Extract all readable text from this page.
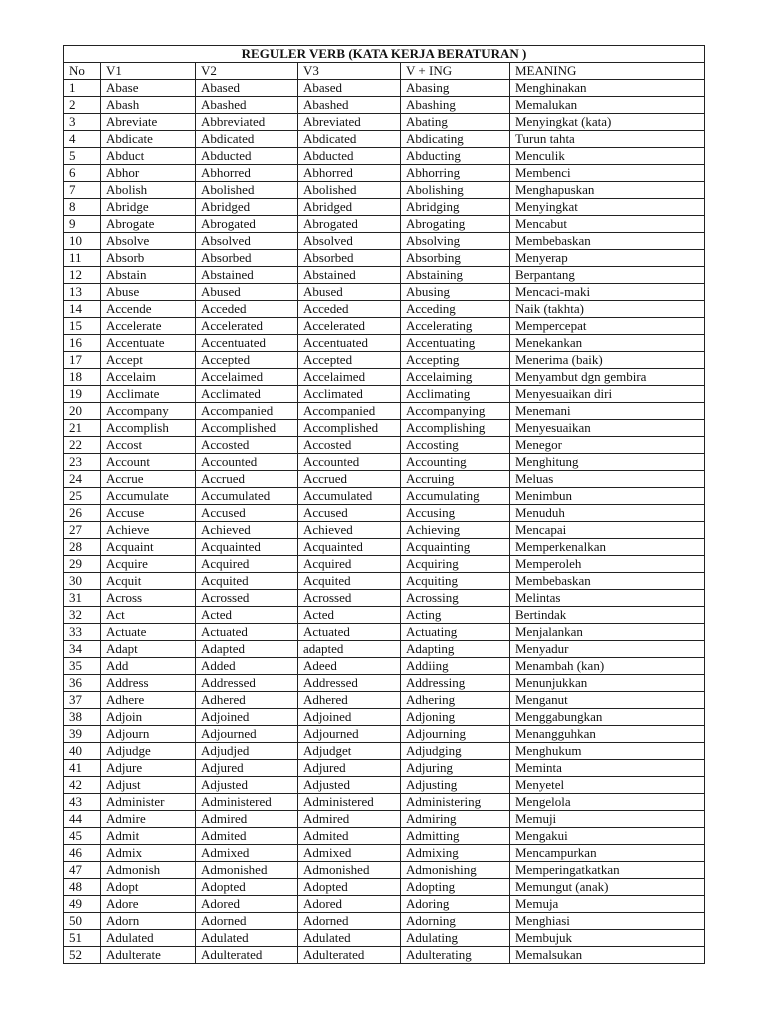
REGULER VERB (KATA KERJA BERATURAN )					
No	V1	V2	V3	V + ING	MEANING
1	Abase	Abased	Abased	Abasing	Menghinakan
2	Abash	Abashed	Abashed	Abashing	Memalukan
3	Abreviate	Abbreviated	Abreviated	Abating	Menyingkat (kata)
4	Abdicate	Abdicated	Abdicated	Abdicating	Turun tahta
5	Abduct	Abducted	Abducted	Abducting	Menculik
6	Abhor	Abhorred	Abhorred	Abhorring	Membenci
7	Abolish	Abolished	Abolished	Abolishing	Menghapuskan
8	Abridge	Abridged	Abridged	Abridging	Menyingkat
9	Abrogate	Abrogated	Abrogated	Abrogating	Mencabut
10	Absolve	Absolved	Absolved	Absolving	Membebaskan
11	Absorb	Absorbed	Absorbed	Absorbing	Menyerap
12	Abstain	Abstained	Abstained	Abstaining	Berpantang
13	Abuse	Abused	Abused	Abusing	Mencaci-maki
14	Accende	Acceded	Acceded	Acceding	Naik (takhta)
15	Accelerate	Accelerated	Accelerated	Accelerating	Mempercepat
16	Accentuate	Accentuated	Accentuated	Accentuating	Menekankan
17	Accept	Accepted	Accepted	Accepting	Menerima (baik)
18	Accelaim	Accelaimed	Accelaimed	Accelaiming	Menyambut dgn gembira
19	Acclimate	Acclimated	Acclimated	Acclimating	Menyesuaikan diri
20	Accompany	Accompanied	Accompanied	Accompanying	Menemani
21	Accomplish	Accomplished	Accomplished	Accomplishing	Menyesuaikan
22	Accost	Accosted	Accosted	Accosting	Menegor
23	Account	Accounted	Accounted	Accounting	Menghitung
24	Accrue	Accrued	Accrued	Accruing	Meluas
25	Accumulate	Accumulated	Accumulated	Accumulating	Menimbun
26	Accuse	Accused	Accused	Accusing	Menuduh
27	Achieve	Achieved	Achieved	Achieving	Mencapai
28	Acquaint	Acquainted	Acquainted	Acquainting	Memperkenalkan
29	Acquire	Acquired	Acquired	Acquiring	Memperoleh
30	Acquit	Acquited	Acquited	Acquiting	Membebaskan
31	Across	Acrossed	Acrossed	Acrossing	Melintas
32	Act	Acted	Acted	Acting	Bertindak
33	Actuate	Actuated	Actuated	Actuating	Menjalankan
34	Adapt	Adapted	adapted	Adapting	Menyadur
35	Add	Added	Adeed	Addiing	Menambah (kan)
36	Address	Addressed	Addressed	Addressing	Menunjukkan
37	Adhere	Adhered	Adhered	Adhering	Menganut
38	Adjoin	Adjoined	Adjoined	Adjoning	Menggabungkan
39	Adjourn	Adjourned	Adjourned	Adjourning	Menangguhkan
40	Adjudge	Adjudjed	Adjudget	Adjudging	Menghukum
41	Adjure	Adjured	Adjured	Adjuring	Meminta
42	Adjust	Adjusted	Adjusted	Adjusting	Menyetel
43	Administer	Administered	Administered	Administering	Mengelola
44	Admire	Admired	Admired	Admiring	Memuji
45	Admit	Admited	Admited	Admitting	Mengakui
46	Admix	Admixed	Admixed	Admixing	Mencampurkan
47	Admonish	Admonished	Admonished	Admonishing	Memperingatkatkan
48	Adopt	Adopted	Adopted	Adopting	Memungut (anak)
49	Adore	Adored	Adored	Adoring	Memuja
50	Adorn	Adorned	Adorned	Adorning	Menghiasi
51	Adulated	Adulated	Adulated	Adulating	Membujuk
52	Adulterate	Adulterated	Adulterated	Adulterating	Memalsukan
